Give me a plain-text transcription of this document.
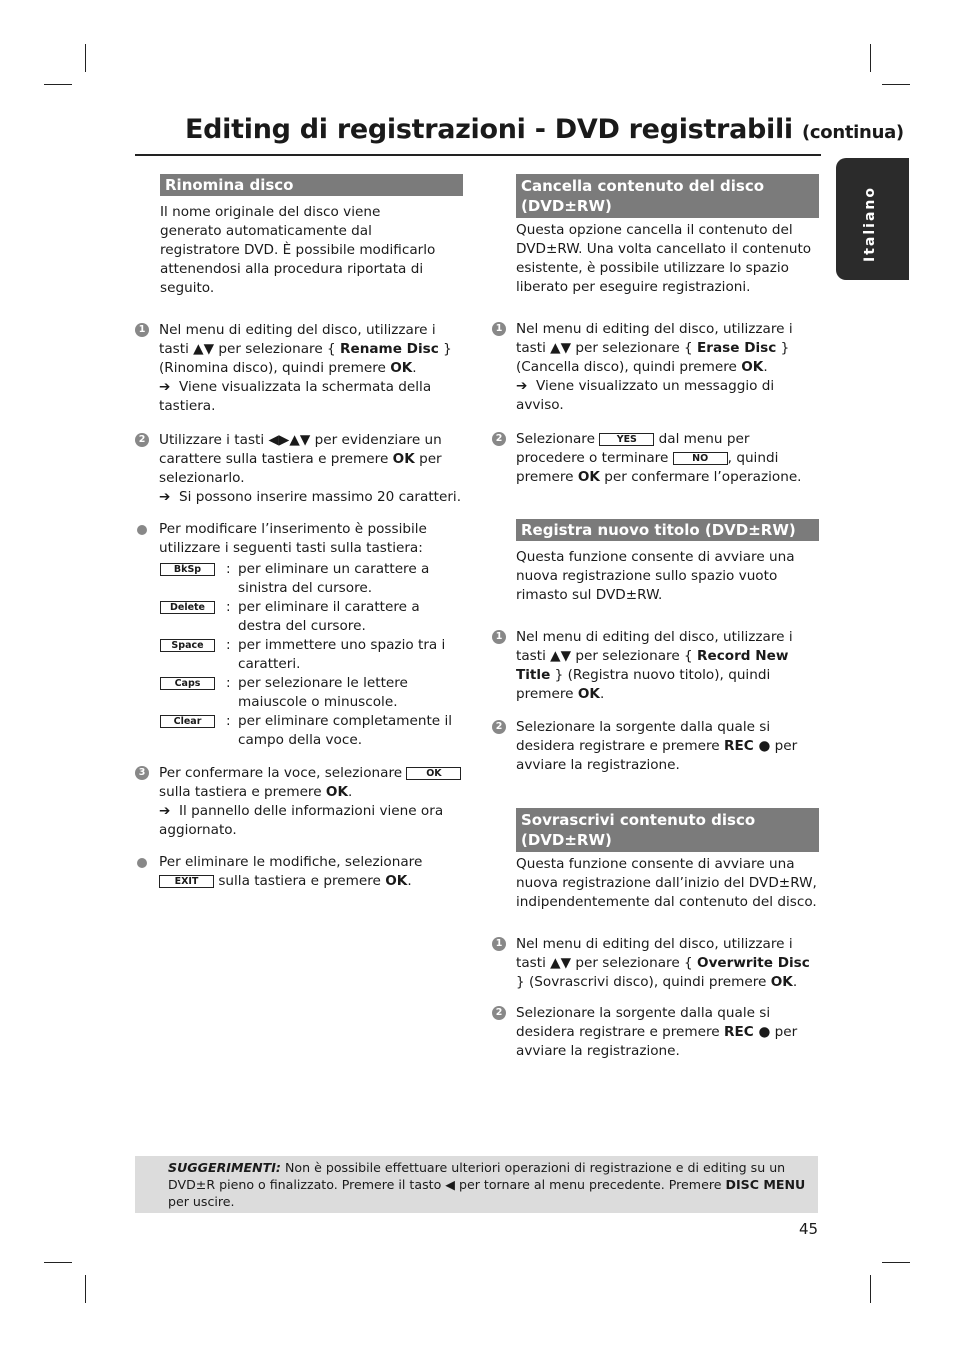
Editing di registrazioni - DVD registrabili (continua)
Italiano
Rinomina disco

Il nome originale del disco viene generato automaticamente dal registratore DVD. È possibile modificarlo attenendosi alla procedura riportata di seguito.

1 Nel menu di editing del disco, utilizzare i tasti ▲▼ per selezionare { Rename Disc } (Rinomina disco), quindi premere OK.
➔ Viene visualizzata la schermata della tastiera.
2 Utilizzare i tasti ◀▶▲▼ per evidenziare un carattere sulla tastiera e premere OK per selezionarlo.
➔ Si possono inserire massimo 20 caratteri.
Per modificare l’inserimento è possibile utilizzare i seguenti tasti sulla tastiera:
BkSp	: per eliminare un carattere a sinistra del cursore.
Delete	: per eliminare il carattere a destra del cursore.
Space	: per immettere uno spazio tra i caratteri.
Caps	: per selezionare le lettere maiuscole o minuscole.
Clear	: per eliminare completamente il campo della voce.
3 Per confermare la voce, selezionare	OK sulla tastiera e premere OK.
➔ Il pannello delle informazioni viene ora aggiornato.
Per eliminare le modifiche, selezionare
EXIT sulla tastiera e premere OK.
Cancella contenuto del disco (DVD±RW)

Questa opzione cancella il contenuto del DVD±RW. Una volta cancellato il contenuto esistente, è possibile utilizzare lo spazio liberato per eseguire registrazioni.

1 Nel menu di editing del disco, utilizzare i tasti ▲▼ per selezionare { Erase Disc } (Cancella disco), quindi premere OK.
➔ Viene visualizzato un messaggio di avviso.
2 Selezionare YES dal menu per procedere o terminare	NO , quindi premere OK per confermare l’operazione.
Registra nuovo titolo (DVD±RW)

Questa funzione consente di avviare una nuova registrazione sullo spazio vuoto rimasto sul DVD±RW.

1 Nel menu di editing del disco, utilizzare i tasti ▲▼ per selezionare { Record New Title } (Registra nuovo titolo), quindi premere OK.
2 Selezionare la sorgente dalla quale si desidera registrare e premere REC ● per avviare la registrazione.
Sovrascrivi contenuto disco (DVD±RW)

Questa funzione consente di avviare una nuova registrazione dall’inizio del DVD±RW, indipendentemente dal contenuto del disco.

1 Nel menu di editing del disco, utilizzare i tasti ▲▼ per selezionare { Overwrite Disc } (Sovrascrivi disco), quindi premere OK.
2 Selezionare la sorgente dalla quale si desidera registrare e premere REC ● per avviare la registrazione.

SUGGERIMENTI: Non è possibile effettuare ulteriori operazioni di registrazione e di editing su un DVD±R pieno o finalizzato. Premere il tasto ◀ per tornare al menu precedente. Premere DISC MENU per uscire.

45
